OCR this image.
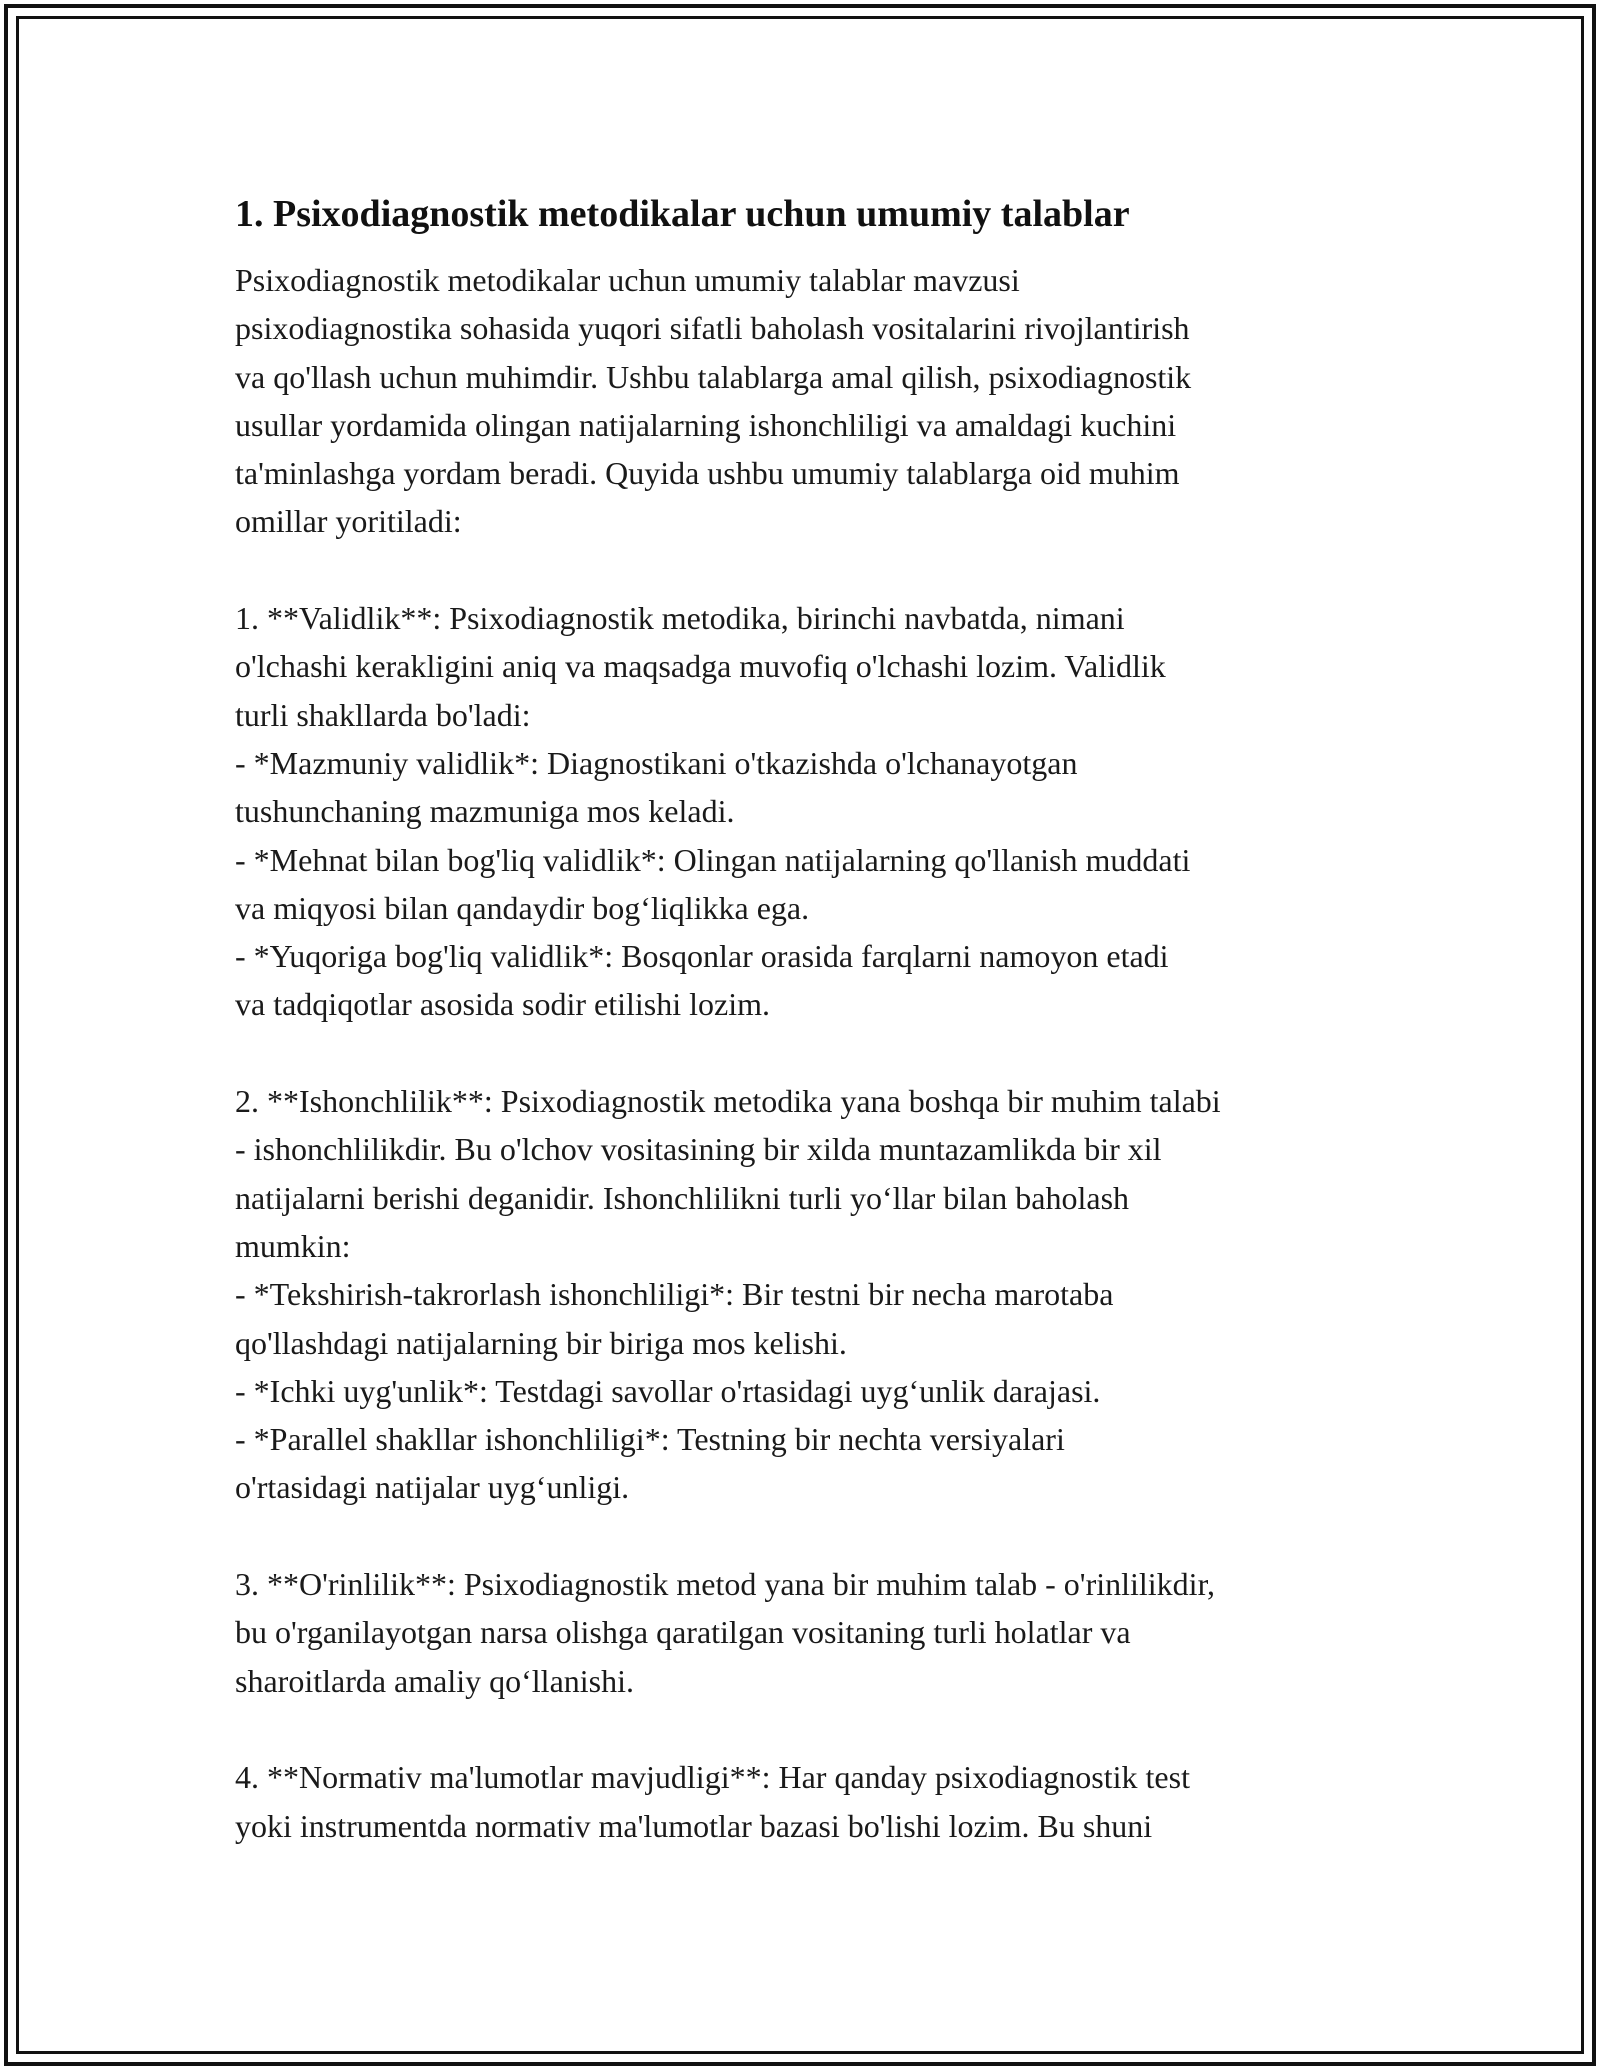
1. Psixodiagnostik metodikalar uchun umumiy talablar

Psixodiagnostik metodikalar uchun umumiy talablar mavzusi
psixodiagnostika sohasida yuqori sifatli baholash vositalarini rivojlantirish
va qo'llash uchun muhimdir. Ushbu talablarga amal qilish, psixodiagnostik
usullar yordamida olingan natijalarning ishonchliligi va amaldagi kuchini
ta'minlashga yordam beradi. Quyida ushbu umumiy talablarga oid muhim
omillar yoritiladi:

1. **Validlik**: Psixodiagnostik metodika, birinchi navbatda, nimani
o'lchashi kerakligini aniq va maqsadga muvofiq o'lchashi lozim. Validlik
turli shakllarda bo'ladi:
- *Mazmuniy validlik*: Diagnostikani o'tkazishda o'lchanayotgan
tushunchaning mazmuniga mos keladi.
- *Mehnat bilan bog'liq validlik*: Olingan natijalarning qo'llanish muddati
va miqyosi bilan qandaydir bog‘liqlikka ega.
- *Yuqoriga bog'liq validlik*: Bosqonlar orasida farqlarni namoyon etadi
va tadqiqotlar asosida sodir etilishi lozim.

2. **Ishonchlilik**: Psixodiagnostik metodika yana boshqa bir muhim talabi
- ishonchlilikdir. Bu o'lchov vositasining bir xilda muntazamlikda bir xil
natijalarni berishi deganidir. Ishonchlilikni turli yo‘llar bilan baholash
mumkin:
- *Tekshirish-takrorlash ishonchliligi*: Bir testni bir necha marotaba
qo'llashdagi natijalarning bir biriga mos kelishi.
- *Ichki uyg'unlik*: Testdagi savollar o'rtasidagi uyg‘unlik darajasi.
- *Parallel shakllar ishonchliligi*: Testning bir nechta versiyalari
o'rtasidagi natijalar uyg‘unligi.

3. **O'rinlilik**: Psixodiagnostik metod yana bir muhim talab - o'rinlilikdir,
bu o'rganilayotgan narsa olishga qaratilgan vositaning turli holatlar va
sharoitlarda amaliy qo‘llanishi.

4. **Normativ ma'lumotlar mavjudligi**: Har qanday psixodiagnostik test
yoki instrumentda normativ ma'lumotlar bazasi bo'lishi lozim. Bu shuni
